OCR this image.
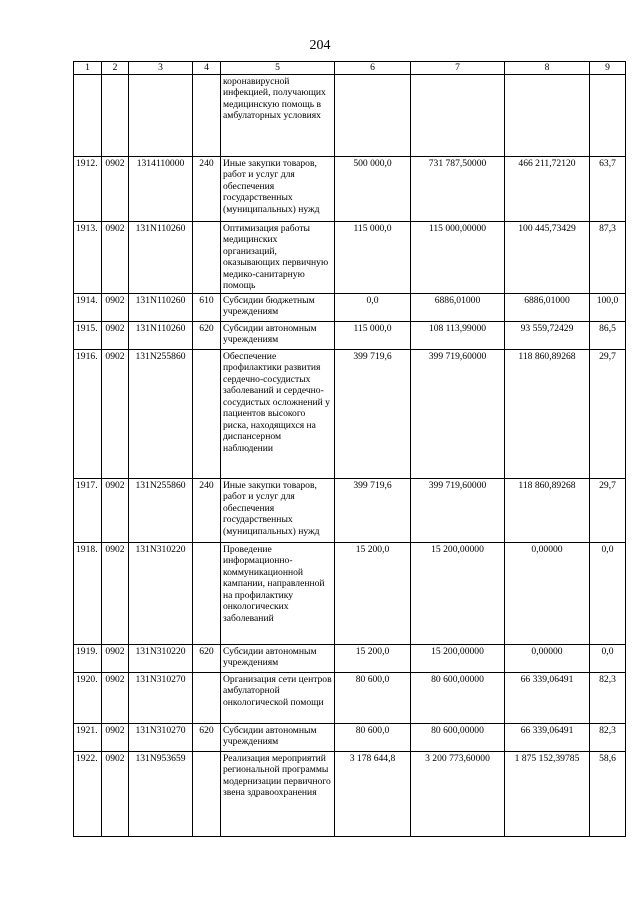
204
1	2	3	4	5	6	7	8	9
				коронавирусной инфекцией, получающих медицинскую помощь в амбулаторных условиях				
1912.	0902	1314110000	240	Иные закупки товаров, работ и услуг для обеспечения государственных (муниципальных) нужд	500 000,0	731 787,50000	466 211,72120	63,7
1913.	0902	131N110260		Оптимизация работы медицинских организаций, оказывающих первичную медико-санитарную помощь	115 000,0	115 000,00000	100 445,73429	87,3
1914.	0902	131N110260	610	Субсидии бюджетным учреждениям	0,0	6886,01000	6886,01000	100,0
1915.	0902	131N110260	620	Субсидии автономным учреждениям	115 000,0	108 113,99000	93 559,72429	86,5
1916.	0902	131N255860		Обеспечение профилактики развития сердечно-сосудистых заболеваний и сердечно-сосудистых осложнений у пациентов высокого риска, находящихся на диспансерном наблюдении	399 719,6	399 719,60000	118 860,89268	29,7
1917.	0902	131N255860	240	Иные закупки товаров, работ и услуг для обеспечения государственных (муниципальных) нужд	399 719,6	399 719,60000	118 860,89268	29,7
1918.	0902	131N310220		Проведение информационно-коммуникационной кампании, направленной на профилактику онкологических заболеваний	15 200,0	15 200,00000	0,00000	0,0
1919.	0902	131N310220	620	Субсидии автономным учреждениям	15 200,0	15 200,00000	0,00000	0,0
1920.	0902	131N310270		Организация сети центров амбулаторной онкологической помощи	80 600,0	80 600,00000	66 339,06491	82,3
1921.	0902	131N310270	620	Субсидии автономным учреждениям	80 600,0	80 600,00000	66 339,06491	82,3
1922.	0902	131N953659		Реализация мероприятий региональной программы модернизации первичного звена здравоохранения	3 178 644,8	3 200 773,60000	1 875 152,39785	58,6
